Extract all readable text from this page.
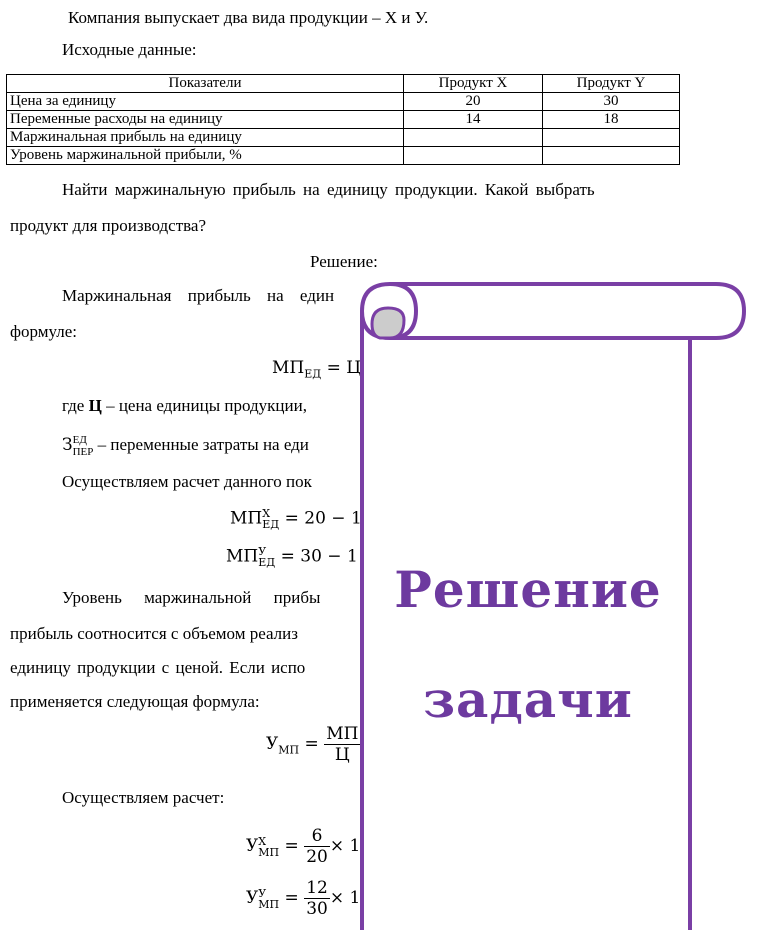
Компания выпускает два вида продукции – Х и У.
Исходные данные:
Показатели	Продукт X	Продукт Y
Цена за единицу	20	30
Переменные расходы на единицу	14	18
Маржинальная прибыль на единицу		
Уровень маржинальной прибыли, %		
Найти маржинальную прибыль на единицу продукции. Какой выбрать
продукт для производства?
Решение:
Маржинальная прибыль на един
формуле:
$МП_{ЕД} = Ц$
где Ц – цена единицы продукции,
З ЕД
ПЕР – переменные затраты на еди
Осуществляем расчет данного пок
МП Х
ЕД = 20 − 1
МП У
ЕД = 30 − 1
Уровень маржинальной прибы
прибыль соотносится с объемом реализ
единицу продукции с ценой. Если испо
применяется следующая формула:
$У_{МП} = \frac{МП}{Ц}$
Осуществляем расчет:
У Х
МП = $\frac{6}{20} \times 1$
У У
МП = $\frac{12}{30} \times 1$
Решение
задачи
